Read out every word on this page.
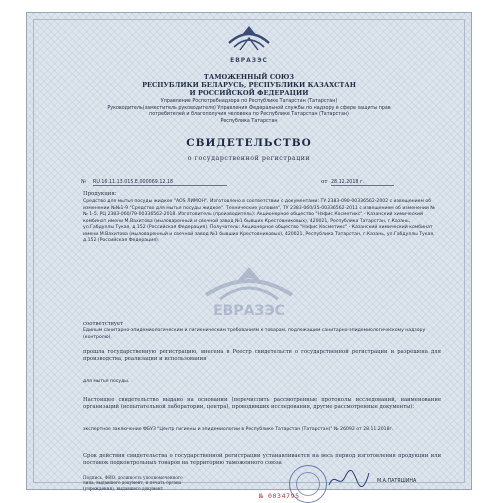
ЕВРАЗЭС
ТАМОЖЕННЫЙ СОЮЗ
РЕСПУБЛИКИ БЕЛАРУСЬ, РЕСПУБЛИКИ КАЗАХСТАН
И РОССИЙСКОЙ ФЕДЕРАЦИИ
Управление Роспотребнадзора по Республике Татарстан (Татарстан)
Руководитель(заместитель руководителя) Управления Федеральной службы по надзору в сфере защиты прав
потребителей и благополучия человека по Республике Татарстан (Татарстан)
Республика Татарстан
СВИДЕТЕЛЬСТВО
о государственной регистрации
№ RU.16.11.13.015.E.000069.12.18	от 28.12.2018 г.
Продукция:
Средство для мытья посуды жидкое "AOS ЛИМОН". Изготовлено в соответствии с документами: ТУ 2383-090-00336562-2002 с извещением об изменении №№1-9 "Средство для мытья посуды жидкое". Технические условия", ТУ 2383-060/35-00336562-2011 с извещением об изменении №№ 1-5, РЦ 2383-060/79-00336562-2018. Изготовитель (производитель): Акционерное общество "Нэфис Косметикс" - Казанский химический комбинат имени М.Вахитова (мыловаренный и свечной завод №1 бывших Крестовниковых), 420021, Республика Татарстан, г.Казань, ул.Габдуллы Тукая, д.152 (Российская Федерация). Получатель: Акционерное общество "Нэфис Косметикс" - Казанский химический комбинат имени М.Вахитова (мыловаренный и свечной завод №1 бывших Крестовниковых), 420021, Республика Татарстан, г.Казань, ул.Габдуллы Тукая, д.152 (Российская Федерация).
ЕВРАЗЭС
соответствует
Единым санитарно-эпидемиологическим и гигиеническим требованиям к товарам, подлежащим санитарно-эпидемиологическому надзору (контролю).
прошла государственную регистрацию, внесена в Реестр свидетельств о государственной регистрации и разрешена для производства, реализации и использования
для мытья посуды.
Настоящее свидетельство выдано на основании (перечислить рассмотренные протоколы исследований, наименование организаций (испытательной лаборатории, центра), проводивших исследования, другие рассмотренные документы):
экспертное заключение ФБУЗ "Центр гигиены и эпидемиологии в Республике Татарстан (Татарстан)" № 26092 от 28.11.2018г.
Срок действия свидетельства о государственной регистрации устанавливается на весь период изготовления продукции или поставок подконтрольных товаров на территорию таможенного союза
Подпись, ФИО, должность уполномоченного лица, выдавшего документ, и печать органа (учреждения), выдавшего документ
М.А.ПАТЯШИНА
№ 0034795
